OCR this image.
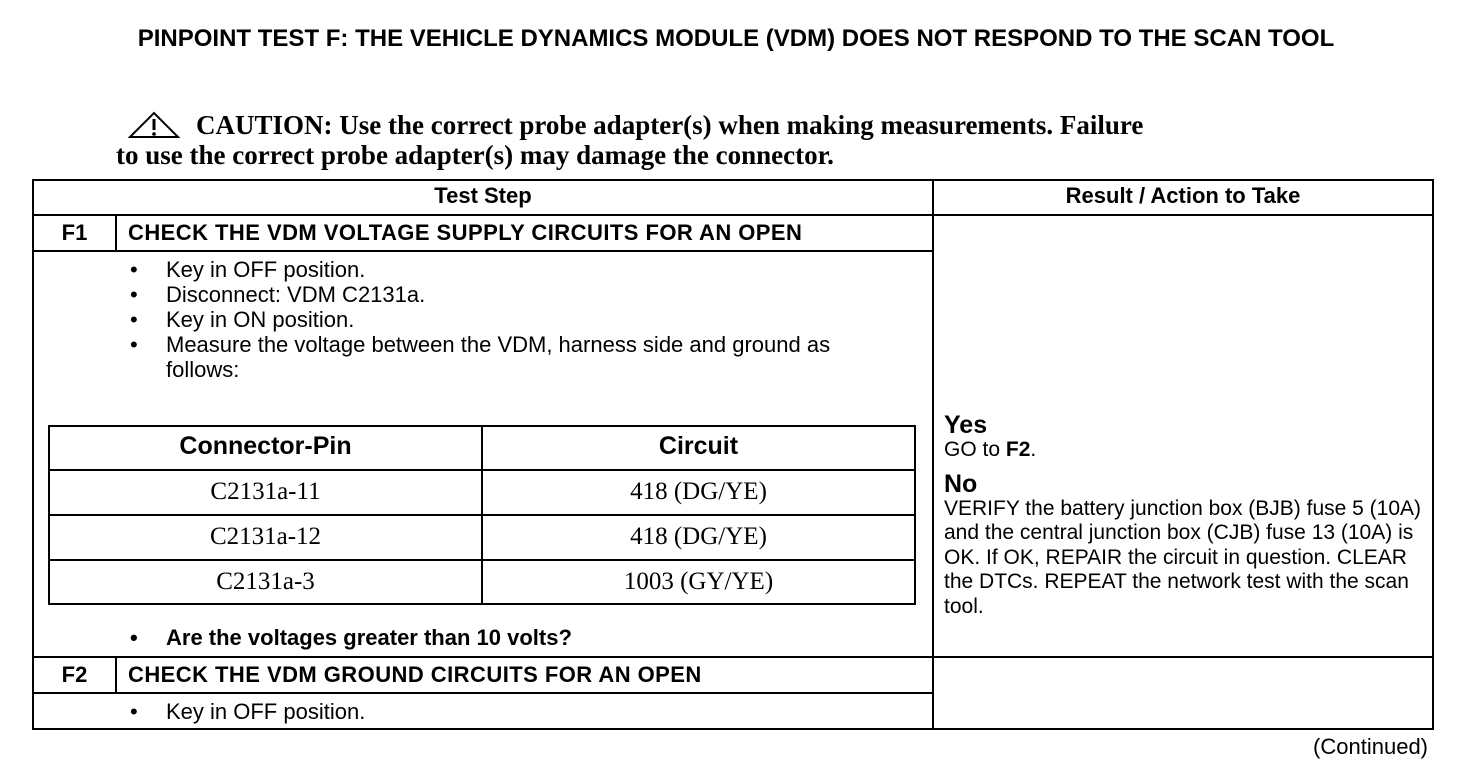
PINPOINT TEST F: THE VEHICLE DYNAMICS MODULE (VDM) DOES NOT RESPOND TO THE SCAN TOOL
CAUTION: Use the correct probe adapter(s) when making measurements. Failure
to use the correct probe adapter(s) may damage the connector.
Test Step	Result / Action to Take
F1	CHECK THE VDM VOLTAGE SUPPLY CIRCUITS FOR AN OPEN
• Key in OFF position.
• Disconnect: VDM C2131a.
• Key in ON position.
• Measure the voltage between the VDM, harness side and ground as follows:
Connector-Pin	Circuit
C2131a-11	418 (DG/YE)
C2131a-12	418 (DG/YE)
C2131a-3	1003 (GY/YE)
• Are the voltages greater than 10 volts?
Yes
GO to F2.
No
VERIFY the battery junction box (BJB) fuse 5 (10A) and the central junction box (CJB) fuse 13 (10A) is OK. If OK, REPAIR the circuit in question. CLEAR the DTCs. REPEAT the network test with the scan tool.
F2	CHECK THE VDM GROUND CIRCUITS FOR AN OPEN
• Key in OFF position.
(Continued)
